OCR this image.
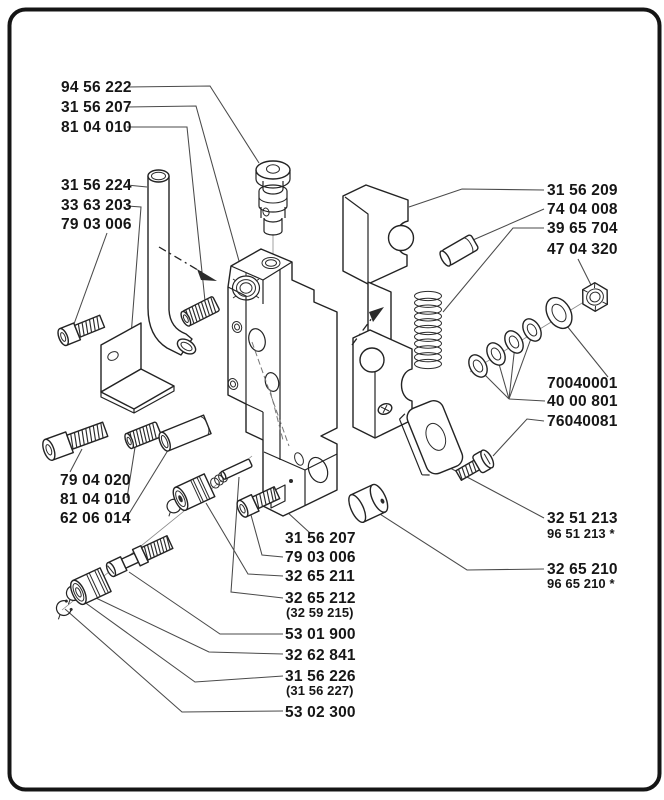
94 56 222
31 56 207
81 04 010
31 56 224
33 63 203
79 03 006
79 04 020
81 04 010
62 06 014
31 56 209
74 04 008
39 65 704
47 04 320
70040001
40 00 801
76040081
32 51 213
96 51 213 *
32 65 210
96 65 210 *
31 56 207
79 03 006
32 65 211
32 65 212
(32 59 215)
53 01 900
32 62 841
31 56 226
(31 56 227)
53 02 300
